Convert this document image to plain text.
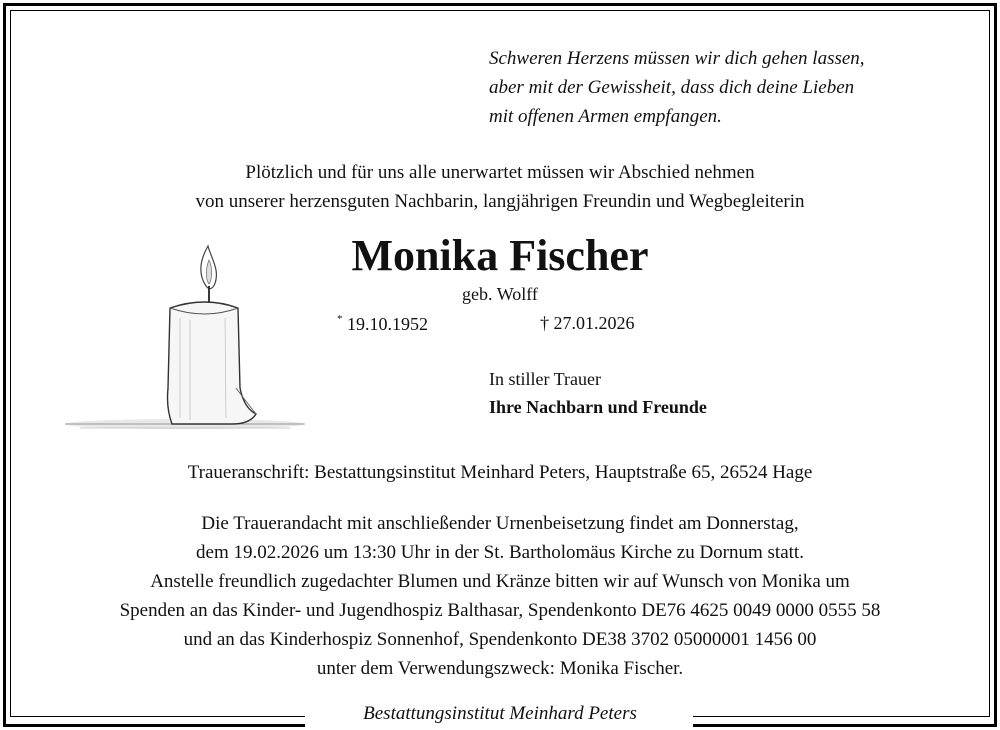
Schweren Herzens müssen wir dich gehen lassen,
aber mit der Gewissheit, dass dich deine Lieben
mit offenen Armen empfangen.
Plötzlich und für uns alle unerwartet müssen wir Abschied nehmen
von unserer herzensguten Nachbarin, langjährigen Freundin und Wegbegleiterin
Monika Fischer
geb. Wolff
* 19.10.1952	† 27.01.2026
In stiller Trauer
Ihre Nachbarn und Freunde
Traueranschrift: Bestattungsinstitut Meinhard Peters, Hauptstraße 65, 26524 Hage
Die Trauerandacht mit anschließender Urnenbeisetzung findet am Donnerstag,
dem 19.02.2026 um 13:30 Uhr in der St. Bartholomäus Kirche zu Dornum statt.
Anstelle freundlich zugedachter Blumen und Kränze bitten wir auf Wunsch von Monika um
Spenden an das Kinder- und Jugendhospiz Balthasar, Spendenkonto DE76 4625 0049 0000 0555 58
und an das Kinderhospiz Sonnenhof, Spendenkonto DE38 3702 05000001 1456 00
unter dem Verwendungszweck: Monika Fischer.
Bestattungsinstitut Meinhard Peters
